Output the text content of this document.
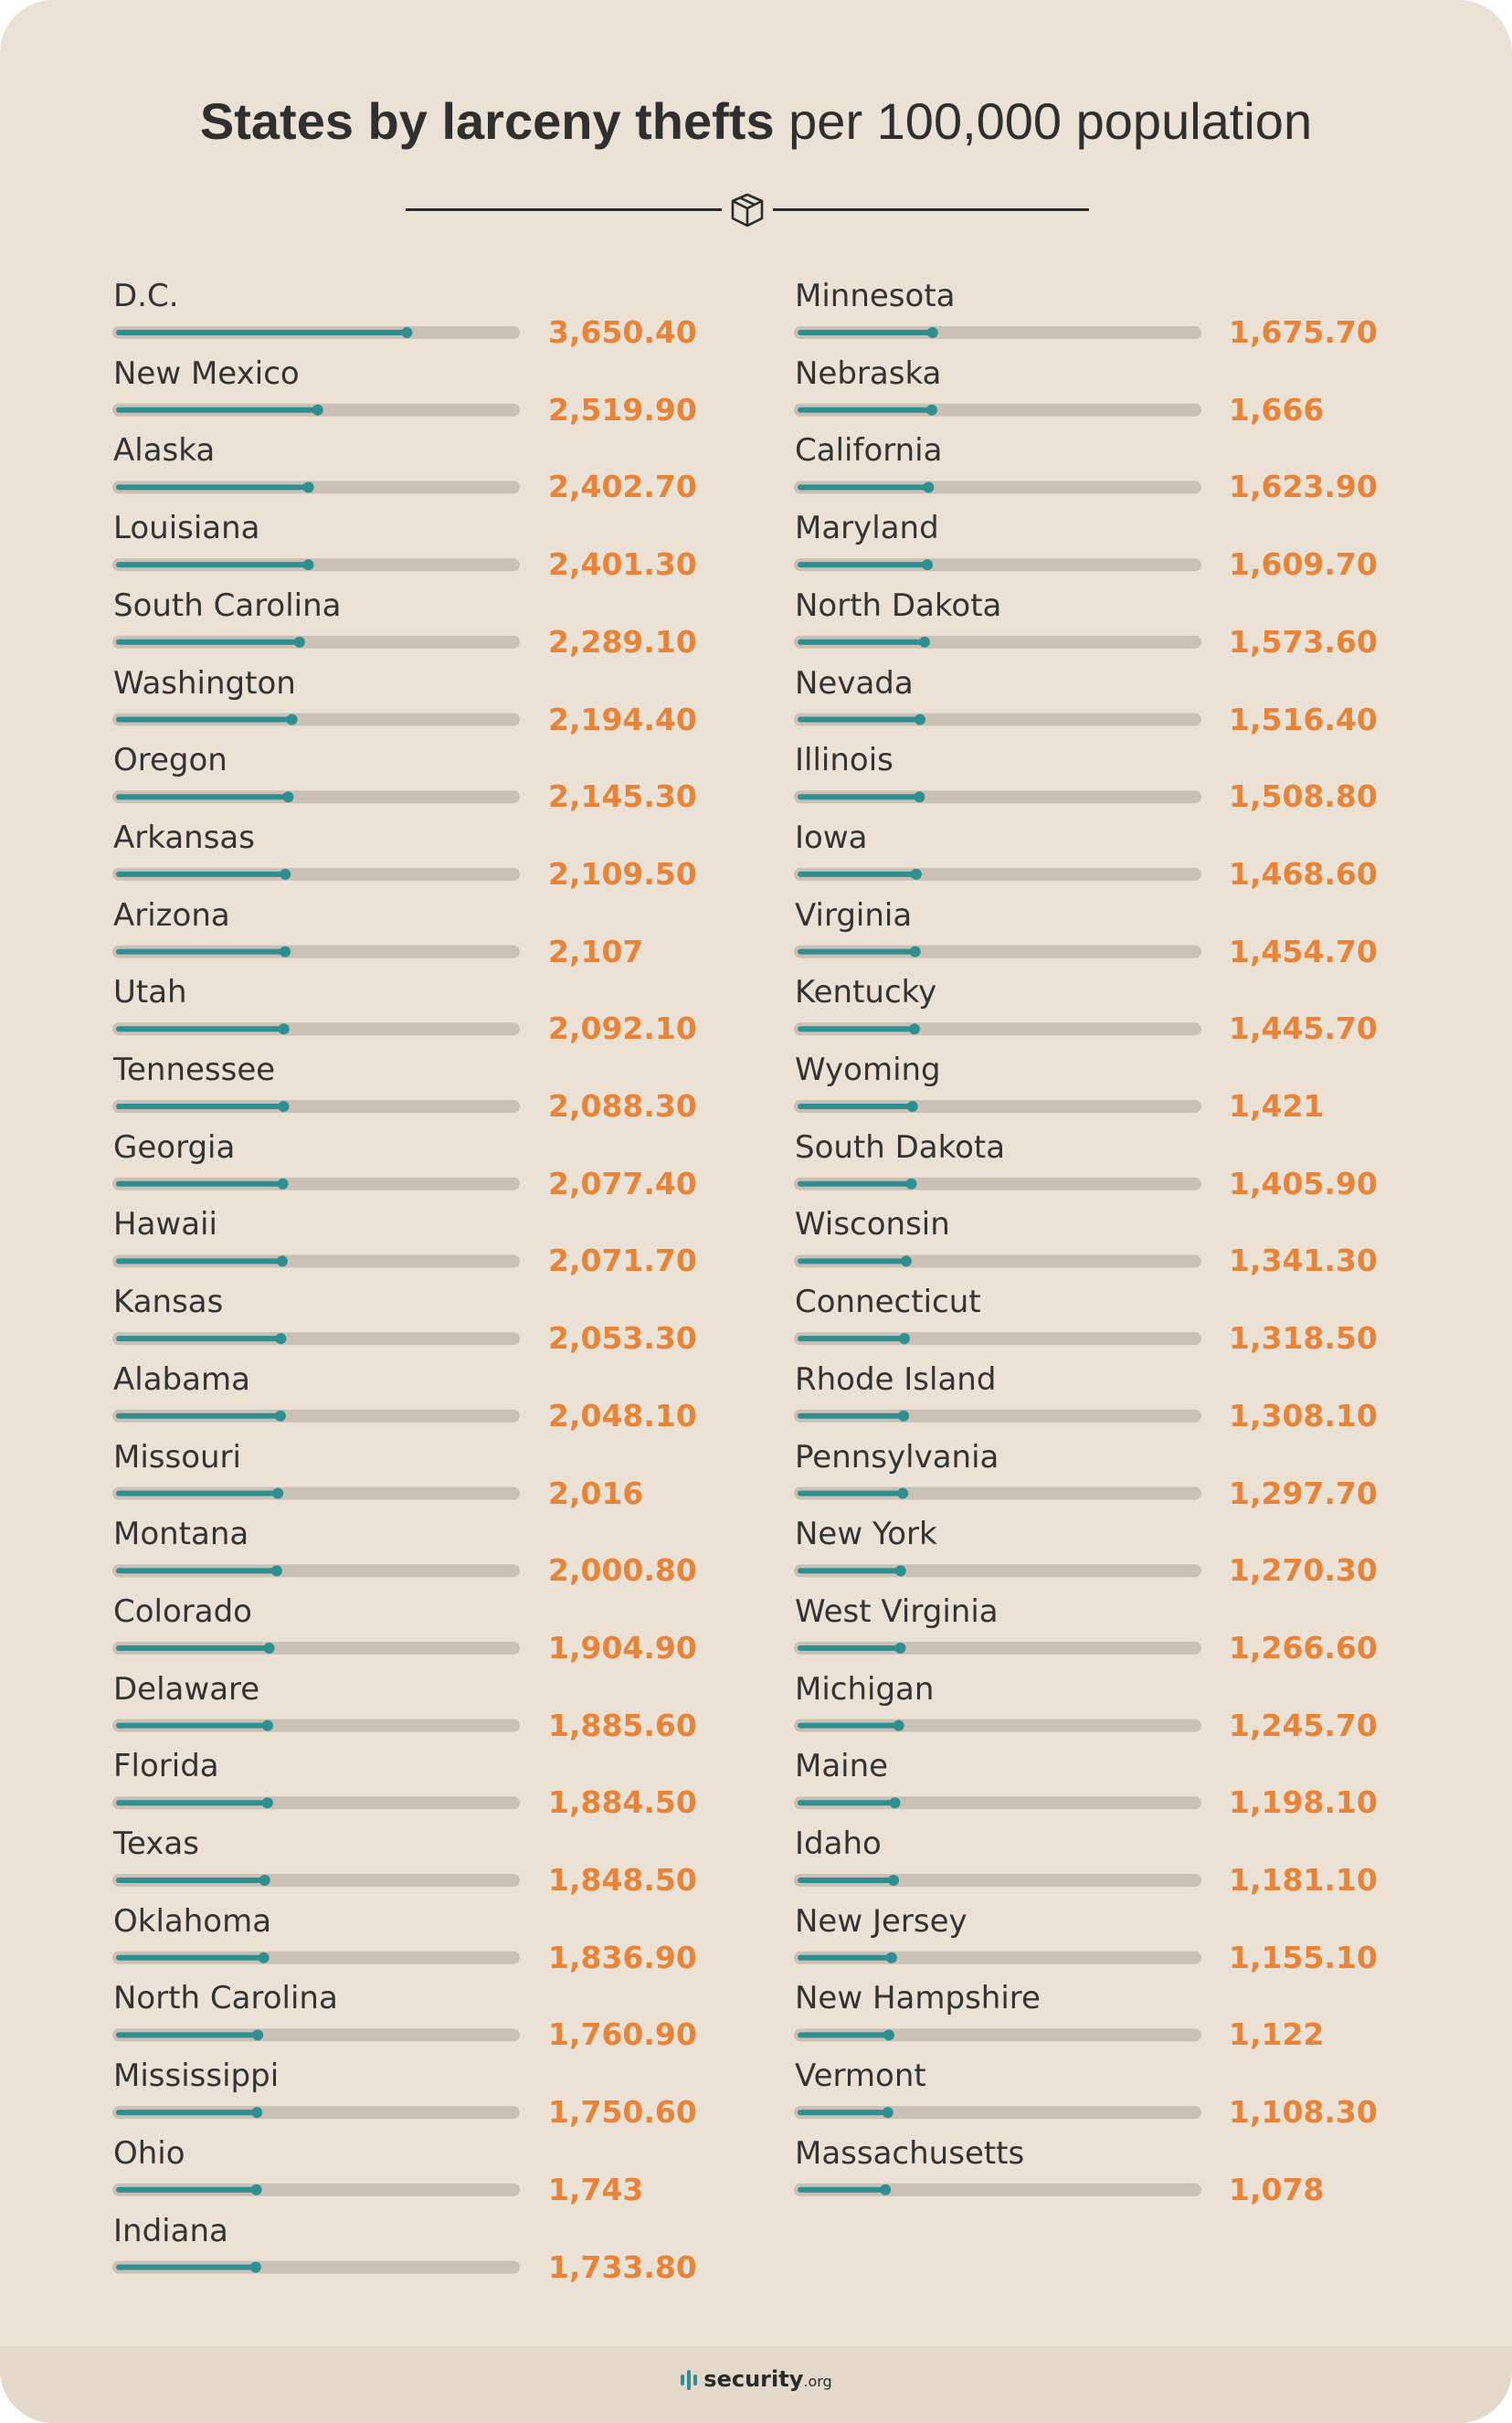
States by larceny thefts per 100,000 population
D.C.
3,650.40
New Mexico
2,519.90
Alaska
2,402.70
Louisiana
2,401.30
South Carolina
2,289.10
Washington
2,194.40
Oregon
2,145.30
Arkansas
2,109.50
Arizona
2,107
Utah
2,092.10
Tennessee
2,088.30
Georgia
2,077.40
Hawaii
2,071.70
Kansas
2,053.30
Alabama
2,048.10
Missouri
2,016
Montana
2,000.80
Colorado
1,904.90
Delaware
1,885.60
Florida
1,884.50
Texas
1,848.50
Oklahoma
1,836.90
North Carolina
1,760.90
Mississippi
1,750.60
Ohio
1,743
Indiana
1,733.80
Minnesota
1,675.70
Nebraska
1,666
California
1,623.90
Maryland
1,609.70
North Dakota
1,573.60
Nevada
1,516.40
Illinois
1,508.80
Iowa
1,468.60
Virginia
1,454.70
Kentucky
1,445.70
Wyoming
1,421
South Dakota
1,405.90
Wisconsin
1,341.30
Connecticut
1,318.50
Rhode Island
1,308.10
Pennsylvania
1,297.70
New York
1,270.30
West Virginia
1,266.60
Michigan
1,245.70
Maine
1,198.10
Idaho
1,181.10
New Jersey
1,155.10
New Hampshire
1,122
Vermont
1,108.30
Massachusetts
1,078
security.org
